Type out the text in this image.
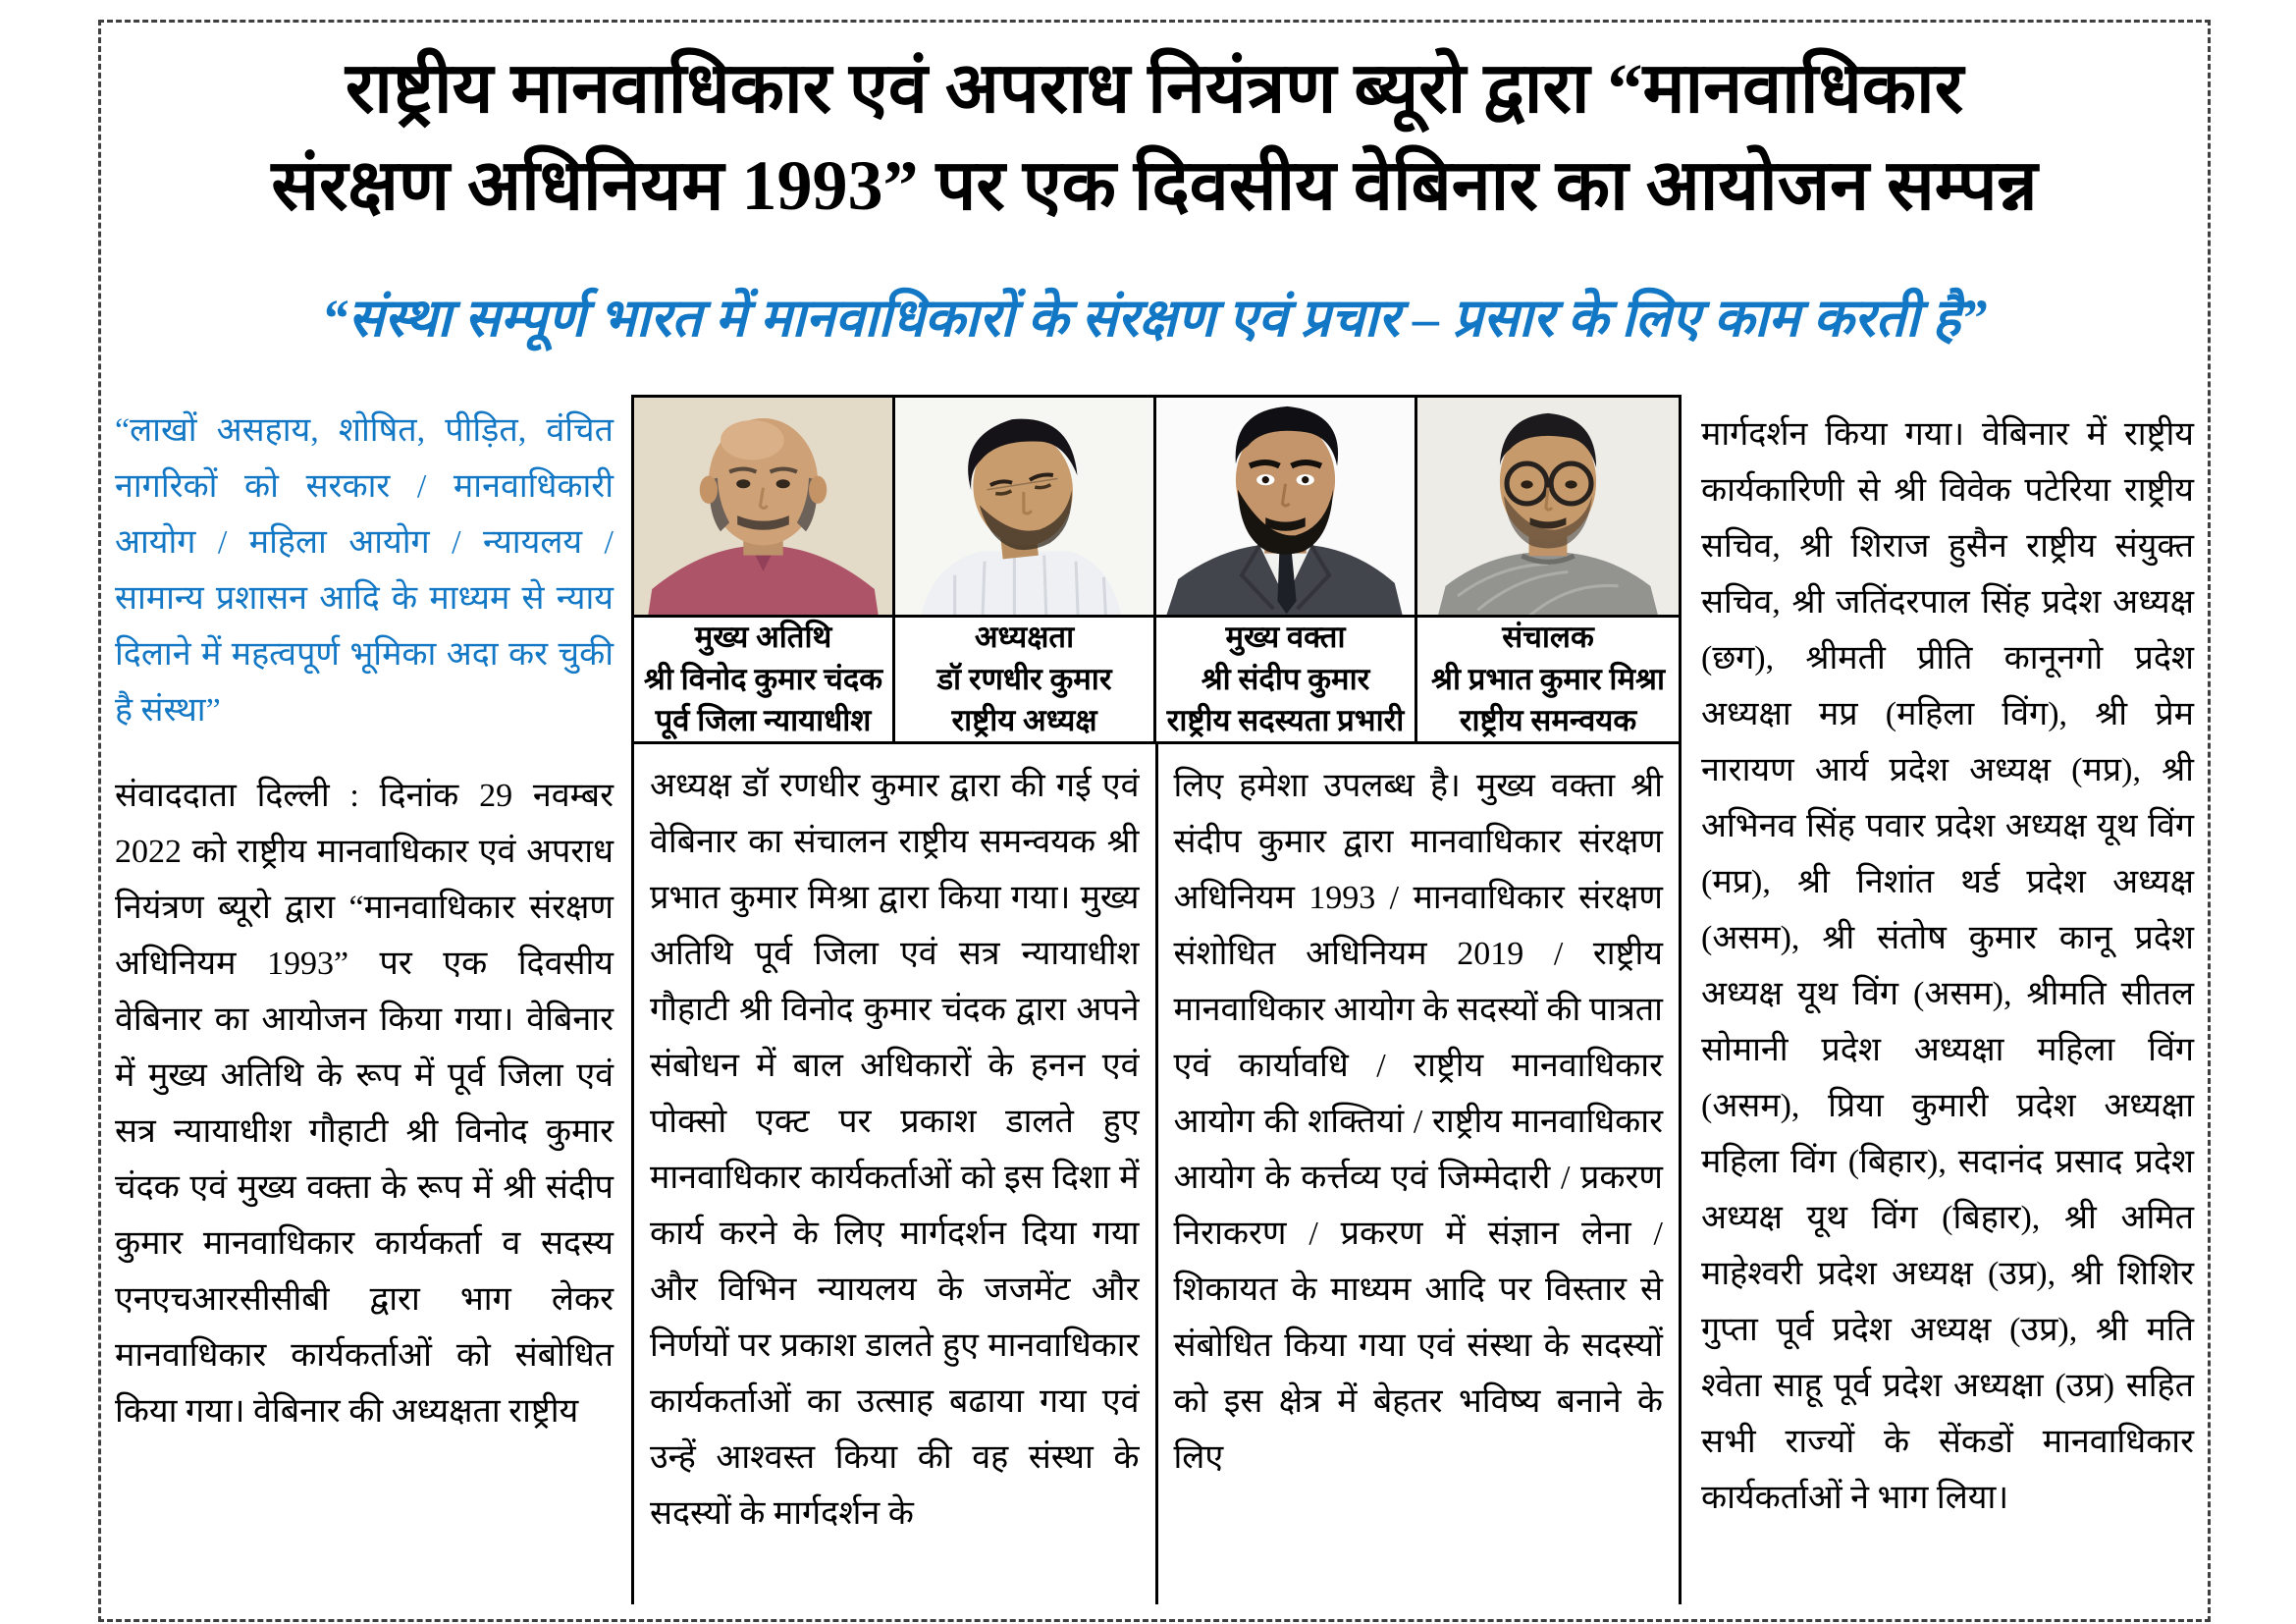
राष्ट्रीय मानवाधिकार एवं अपराध नियंत्रण ब्यूरो द्वारा “मानवाधिकार
संरक्षण अधिनियम 1993” पर एक दिवसीय वेबिनार का आयोजन सम्पन्न
“संस्था सम्पूर्ण भारत में मानवाधिकारों के संरक्षण एवं प्रचार – प्रसार के लिए काम करती है”
“लाखों असहाय, शोषित, पीड़ित, वंचित नागरिकों को सरकार / मानवाधिकारी आयोग / महिला आयोग / न्यायलय / सामान्य प्रशासन आदि के माध्यम से न्याय दिलाने में महत्वपूर्ण भूमिका अदा कर चुकी है संस्था”
संवाददाता दिल्ली : दिनांक 29 नवम्बर 2022 को राष्ट्रीय मानवाधिकार एवं अपराध नियंत्रण ब्यूरो द्वारा “मानवाधिकार संरक्षण अधिनियम 1993” पर एक दिवसीय वेबिनार का आयोजन किया गया। वेबिनार में मुख्य अतिथि के रूप में पूर्व जिला एवं सत्र न्यायाधीश गौहाटी श्री विनोद कुमार चंदक एवं मुख्य वक्ता के रूप में श्री संदीप कुमार मानवाधिकार कार्यकर्ता व सदस्य एनएचआरसीसीबी द्वारा भाग लेकर मानवाधिकार कार्यकर्ताओं को संबोधित किया गया। वेबिनार की अध्यक्षता राष्ट्रीय
मुख्य अतिथि
श्री विनोद कुमार चंदक
पूर्व जिला न्यायाधीश
अध्यक्षता
डॉ रणधीर कुमार
राष्ट्रीय अध्यक्ष
मुख्य वक्ता
श्री संदीप कुमार
राष्ट्रीय सदस्यता प्रभारी
संचालक
श्री प्रभात कुमार मिश्रा
राष्ट्रीय समन्वयक
अध्यक्ष डॉ रणधीर कुमार द्वारा की गई एवं वेबिनार का संचालन राष्ट्रीय समन्वयक श्री प्रभात कुमार मिश्रा द्वारा किया गया। मुख्य अतिथि पूर्व जिला एवं सत्र न्यायाधीश गौहाटी श्री विनोद कुमार चंदक द्वारा अपने संबोधन में बाल अधिकारों के हनन एवं पोक्सो एक्ट पर प्रकाश डालते हुए मानवाधिकार कार्यकर्ताओं को इस दिशा में कार्य करने के लिए मार्गदर्शन दिया गया और विभिन न्यायलय के जजमेंट और निर्णयों पर प्रकाश डालते हुए मानवाधिकार कार्यकर्ताओं का उत्साह बढाया गया एवं उन्हें आश्वस्त किया की वह संस्था के सदस्यों के मार्गदर्शन के
लिए हमेशा उपलब्ध है। मुख्य वक्ता श्री संदीप कुमार द्वारा मानवाधिकार संरक्षण अधिनियम 1993 / मानवाधिकार संरक्षण संशोधित अधिनियम 2019 / राष्ट्रीय मानवाधिकार आयोग के सदस्यों की पात्रता एवं कार्यावधि / राष्ट्रीय मानवाधिकार आयोग की शक्तियां / राष्ट्रीय मानवाधिकार आयोग के कर्त्तव्य एवं जिम्मेदारी / प्रकरण निराकरण / प्रकरण में संज्ञान लेना / शिकायत के माध्यम आदि पर विस्तार से संबोधित किया गया एवं संस्था के सदस्यों को इस क्षेत्र में बेहतर भविष्य बनाने के लिए
मार्गदर्शन किया गया। वेबिनार में राष्ट्रीय कार्यकारिणी से श्री विवेक पटेरिया राष्ट्रीय सचिव, श्री शिराज हुसैन राष्ट्रीय संयुक्त सचिव, श्री जतिंदरपाल सिंह प्रदेश अध्यक्ष (छग), श्रीमती प्रीति कानूनगो प्रदेश अध्यक्षा मप्र (महिला विंग), श्री प्रेम नारायण आर्य प्रदेश अध्यक्ष (मप्र), श्री अभिनव सिंह पवार प्रदेश अध्यक्ष यूथ विंग (मप्र), श्री निशांत थर्ड प्रदेश अध्यक्ष (असम), श्री संतोष कुमार कानू प्रदेश अध्यक्ष यूथ विंग (असम), श्रीमति सीतल सोमानी प्रदेश अध्यक्षा महिला विंग (असम), प्रिया कुमारी प्रदेश अध्यक्षा महिला विंग (बिहार), सदानंद प्रसाद प्रदेश अध्यक्ष यूथ विंग (बिहार), श्री अमित माहेश्वरी प्रदेश अध्यक्ष (उप्र), श्री शिशिर गुप्ता पूर्व प्रदेश अध्यक्ष (उप्र), श्री मति श्वेता साहू पूर्व प्रदेश अध्यक्षा (उप्र) सहित सभी राज्यों के सेंकडों मानवाधिकार कार्यकर्ताओं ने भाग लिया।
